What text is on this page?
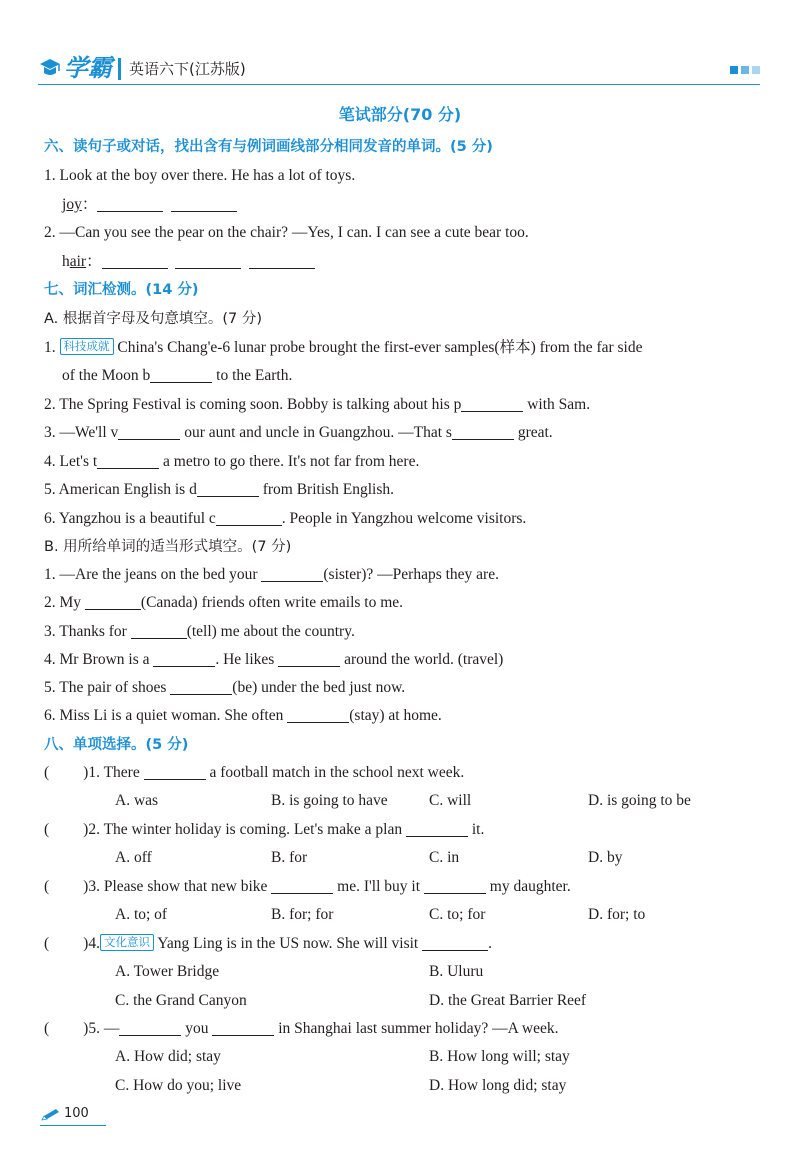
学霸 英语六下(江苏版)
笔试部分(70 分)
六、读句子或对话，找出含有与例词画线部分相同发音的单词。(5 分)
1. Look at the boy over there. He has a lot of toys.
joy：
2. —Can you see the pear on the chair? —Yes, I can. I can see a cute bear too.
hair：
七、词汇检测。(14 分)
A. 根据首字母及句意填空。(7 分)
1. 科技成就 China's Chang'e-6 lunar probe brought the first-ever samples(样本) from the far side
of the Moon b	to the Earth.
2. The Spring Festival is coming soon. Bobby is talking about his p	with Sam.
3. —We'll v	our aunt and uncle in Guangzhou. —That s	great.
4. Let's t	a metro to go there. It's not far from here.
5. American English is d	from British English.
6. Yangzhou is a beautiful c	. People in Yangzhou welcome visitors.
B. 用所给单词的适当形式填空。(7 分)
1. —Are the jeans on the bed your	(sister)? —Perhaps they are.
2. My	(Canada) friends often write emails to me.
3. Thanks for	(tell) me about the country.
4. Mr Brown is a	. He likes	around the world. (travel)
5. The pair of shoes	(be) under the bed just now.
6. Miss Li is a quiet woman. She often	(stay) at home.
八、单项选择。(5 分)
( )1. There	a football match in the school next week.
A. was	B. is going to have	C. will	D. is going to be
( )2. The winter holiday is coming. Let's make a plan	it.
A. off	B. for	C. in	D. by
( )3. Please show that new bike	me. I'll buy it	my daughter.
A. to; of	B. for; for	C. to; for	D. for; to
( )4. 文化意识 Yang Ling is in the US now. She will visit	.
A. Tower Bridge	B. Uluru
C. the Grand Canyon	D. the Great Barrier Reef
( )5. —	you	in Shanghai last summer holiday? —A week.
A. How did; stay	B. How long will; stay
C. How do you; live	D. How long did; stay
100
